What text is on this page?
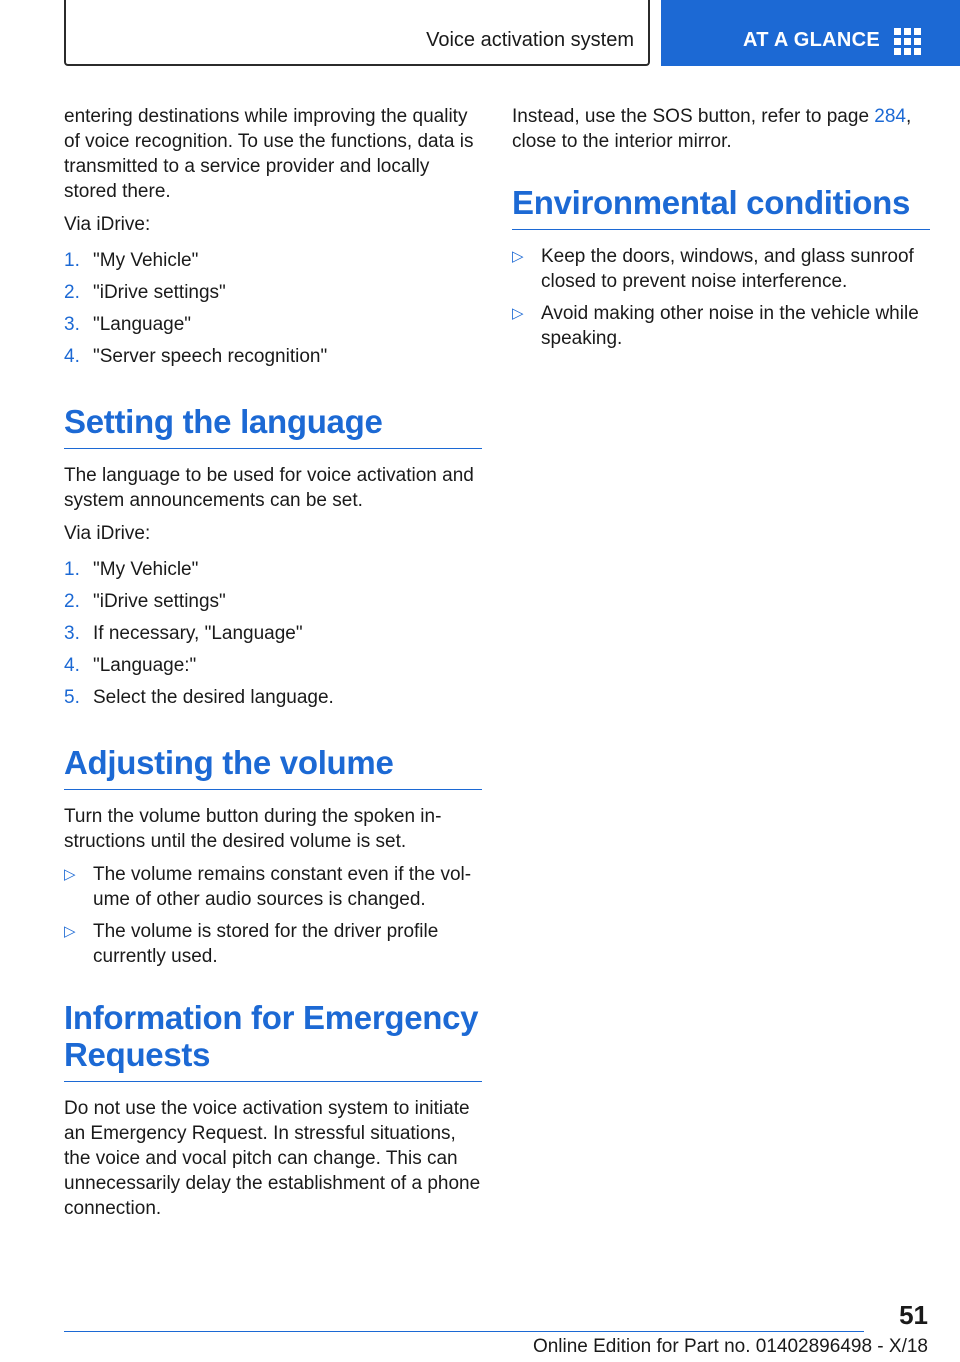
Voice activation system	AT A GLANCE

entering destinations while improving the quality of voice recognition. To use the functions, data is transmitted to a service provider and locally stored there.

Via iDrive:

1. "My Vehicle"
2. "iDrive settings"
3. "Language"
4. "Server speech recognition"
Setting the language

The language to be used for voice activation and system announcements can be set.

Via iDrive:

1. "My Vehicle"
2. "iDrive settings"
3. If necessary, "Language"
4. "Language:"
5. Select the desired language.
Adjusting the volume

Turn the volume button during the spoken instructions until the desired volume is set.

▷ The volume remains constant even if the volume of other audio sources is changed.
▷ The volume is stored for the driver profile currently used.
Information for Emergency Requests

Do not use the voice activation system to initiate an Emergency Request. In stressful situations, the voice and vocal pitch can change. This can unnecessarily delay the establishment of a phone connection.

Instead, use the SOS button, refer to page 284, close to the interior mirror.

Environmental conditions
▷ Keep the doors, windows, and glass sunroof closed to prevent noise interference.
▷ Avoid making other noise in the vehicle while speaking.
51
Online Edition for Part no. 01402896498 - X/18
